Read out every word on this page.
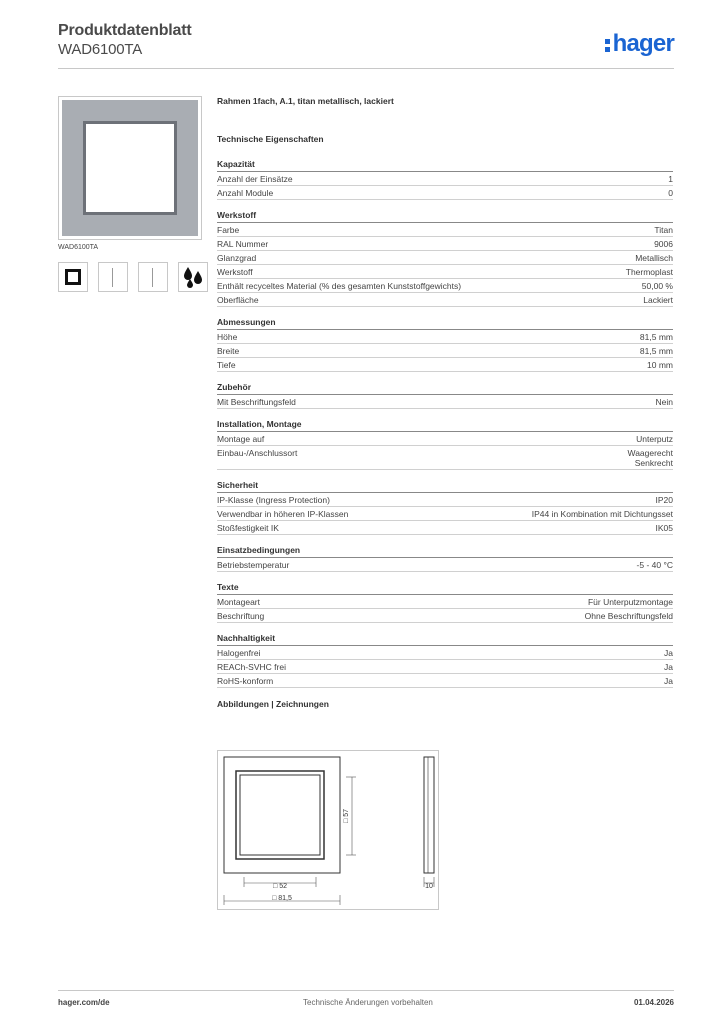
Produktdatenblatt
WAD6100TA	hager
WAD6100TA
Rahmen 1fach, A.1, titan metallisch, lackiert
Technische Eigenschaften
Kapazität
Anzahl der Einsätze	1
Anzahl Module	0
Werkstoff
Farbe	Titan
RAL Nummer	9006
Glanzgrad	Metallisch
Werkstoff	Thermoplast
Enthält recyceltes Material (% des gesamten Kunststoffgewichts)	50,00 %
Oberfläche	Lackiert
Abmessungen
Höhe	81,5 mm
Breite	81,5 mm
Tiefe	10 mm
Zubehör
Mit Beschriftungsfeld	Nein
Installation, Montage
Montage auf	Unterputz
Einbau-/Anschlussort	Waagerecht
Senkrecht
Sicherheit
IP-Klasse (Ingress Protection)	IP20
Verwendbar in höheren IP-Klassen	IP44 in Kombination mit Dichtungsset
Stoßfestigkeit IK	IK05
Einsatzbedingungen
Betriebstemperatur	-5 - 40 °C
Texte
Montageart	Für Unterputzmontage
Beschriftung	Ohne Beschriftungsfeld
Nachhaltigkeit
Halogenfrei	Ja
REACh-SVHC frei	Ja
RoHS-konform	Ja
Abbildungen | Zeichnungen
□ 52
□ 81,5
□ 57
10
hager.com/de	Technische Änderungen vorbehalten	01.04.2026
